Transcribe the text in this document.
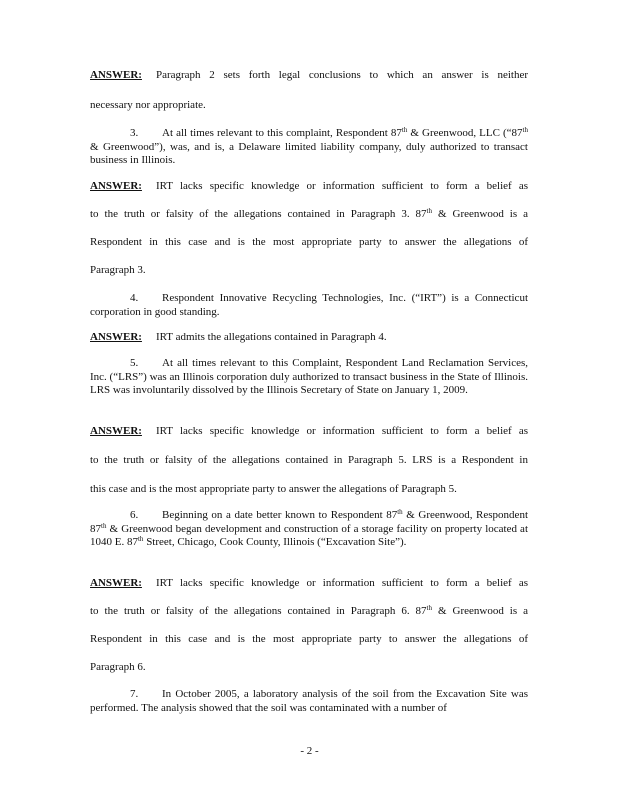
ANSWER: Paragraph 2 sets forth legal conclusions to which an answer is neither

necessary nor appropriate.

3. At all times relevant to this complaint, Respondent 87th & Greenwood, LLC (“87th & Greenwood”), was, and is, a Delaware limited liability company, duly authorized to transact business in Illinois.

ANSWER: IRT lacks specific knowledge or information sufficient to form a belief as

to the truth or falsity of the allegations contained in Paragraph 3. 87th & Greenwood is a

Respondent in this case and is the most appropriate party to answer the allegations of

Paragraph 3.

4. Respondent Innovative Recycling Technologies, Inc. (“IRT”) is a Connecticut corporation in good standing.

ANSWER: IRT admits the allegations contained in Paragraph 4.

5. At all times relevant to this Complaint, Respondent Land Reclamation Services, Inc. (“LRS”) was an Illinois corporation duly authorized to transact business in the State of Illinois. LRS was involuntarily dissolved by the Illinois Secretary of State on January 1, 2009.

ANSWER: IRT lacks specific knowledge or information sufficient to form a belief as

to the truth or falsity of the allegations contained in Paragraph 5. LRS is a Respondent in

this case and is the most appropriate party to answer the allegations of Paragraph 5.

6. Beginning on a date better known to Respondent 87th & Greenwood, Respondent 87th & Greenwood began development and construction of a storage facility on property located at 1040 E. 87th Street, Chicago, Cook County, Illinois (“Excavation Site”).

ANSWER: IRT lacks specific knowledge or information sufficient to form a belief as

to the truth or falsity of the allegations contained in Paragraph 6. 87th & Greenwood is a

Respondent in this case and is the most appropriate party to answer the allegations of

Paragraph 6.

7. In October 2005, a laboratory analysis of the soil from the Excavation Site was performed. The analysis showed that the soil was contaminated with a number of

- 2 -
